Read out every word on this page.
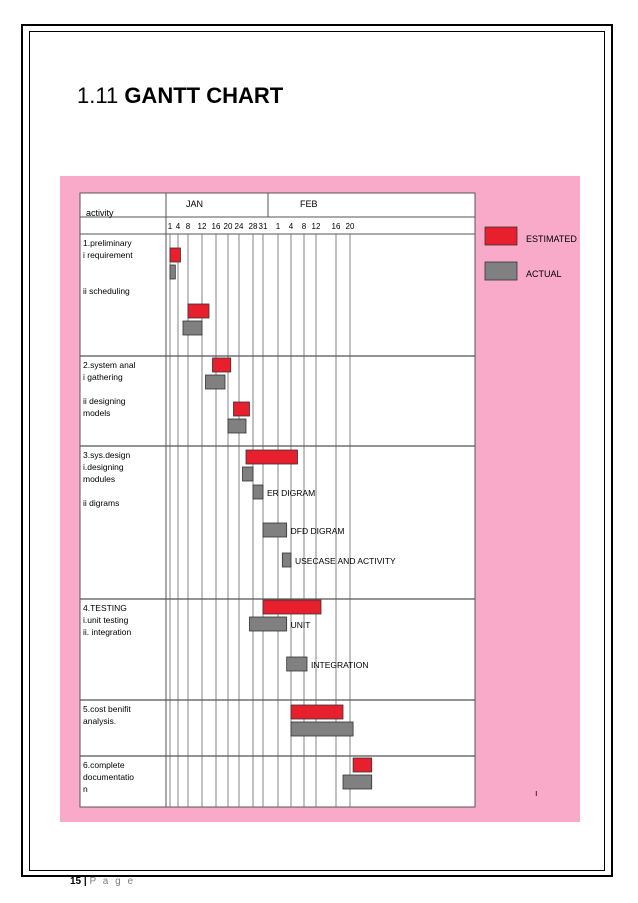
1.11 GANTT CHART
activity
JAN	FEB
1 4 8 12 16 20 24 28 31 1 4 8 12 16 20
1.preliminary
i requirement
ii scheduling
2.system anal
i gathering
ii designing
models
3.sys.design
i.designing
modules
ii digrams
4.TESTING
i.unit testing
ii. integration
5.cost benifit
analysis.
6.complete
documentatio
n
ER DIGRAM
DFD DIGRAM
USECASE AND ACTIVITY
UNIT
INTEGRATION
ESTIMATED
ACTUAL
ı
15 | P a g e
